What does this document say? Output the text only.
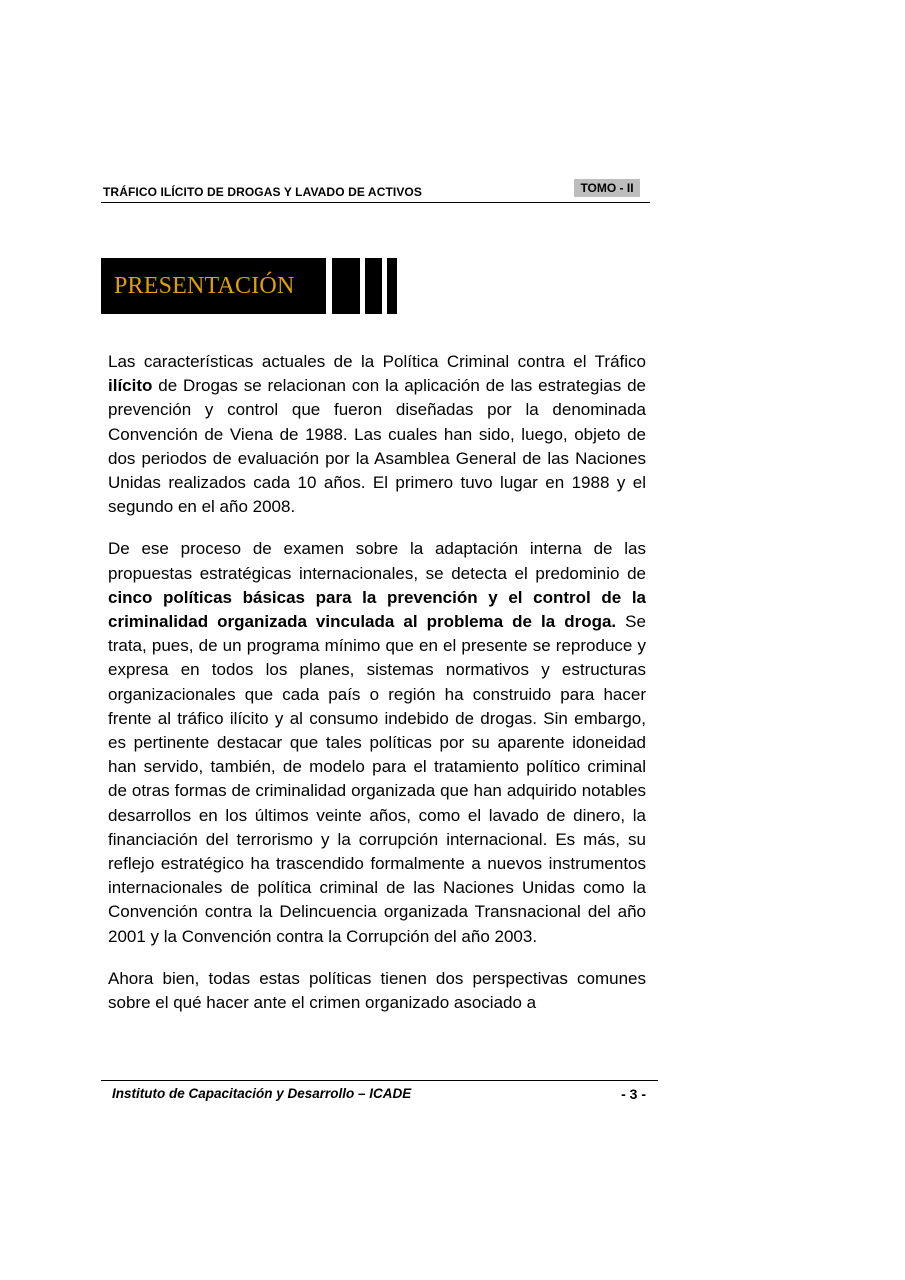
TRÁFICO ILÍCITO DE DROGAS Y LAVADO DE ACTIVOS	TOMO - II
PRESENTACIÓN

Las características actuales de la Política Criminal contra el Tráfico ilícito de Drogas se relacionan con la aplicación de las estrategias de prevención y control que fueron diseñadas por la denominada Convención de Viena de 1988. Las cuales han sido, luego, objeto de dos periodos de evaluación por la Asamblea General de las Naciones Unidas realizados cada 10 años. El primero tuvo lugar en 1988 y el segundo en el año 2008.

De ese proceso de examen sobre la adaptación interna de las propuestas estratégicas internacionales, se detecta el predominio de cinco políticas básicas para la prevención y el control de la criminalidad organizada vinculada al problema de la droga. Se trata, pues, de un programa mínimo que en el presente se reproduce y expresa en todos los planes, sistemas normativos y estructuras organizacionales que cada país o región ha construido para hacer frente al tráfico ilícito y al consumo indebido de drogas. Sin embargo, es pertinente destacar que tales políticas por su aparente idoneidad han servido, también, de modelo para el tratamiento político criminal de otras formas de criminalidad organizada que han adquirido notables desarrollos en los últimos veinte años, como el lavado de dinero, la financiación del terrorismo y la corrupción internacional. Es más, su reflejo estratégico ha trascendido formalmente a nuevos instrumentos internacionales de política criminal de las Naciones Unidas como la Convención contra la Delincuencia organizada Transnacional del año 2001 y la Convención contra la Corrupción del año 2003.

Ahora bien, todas estas políticas tienen dos perspectivas comunes sobre el qué hacer ante el crimen organizado asociado a

Instituto de Capacitación y Desarrollo – ICADE	- 3 -
